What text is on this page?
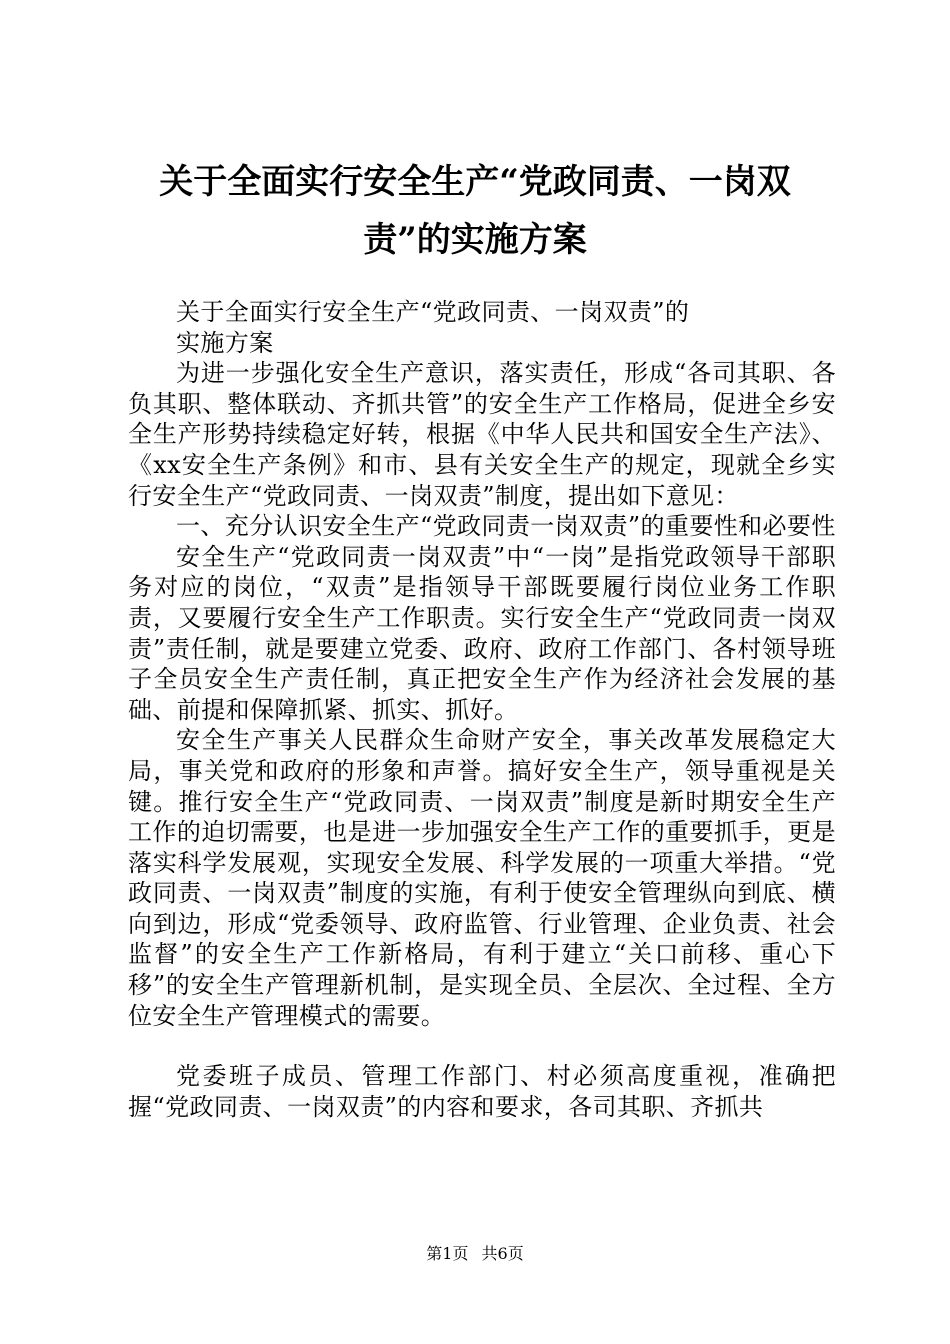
关于全面实行安全生产“党政同责、一岗双
责”的实施方案

关于全面实行安全生产“党政同责、一岗双责”的

实施方案

为进一步强化安全生产意识，落实责任，形成“各司其职、各负其职、整体联动、齐抓共管”的安全生产工作格局，促进全乡安全生产形势持续稳定好转，根据《中华人民共和国安全生产法》、《xx安全生产条例》和市、县有关安全生产的规定，现就全乡实行安全生产“党政同责、一岗双责”制度，提出如下意见：

一、充分认识安全生产“党政同责一岗双责”的重要性和必要性

安全生产“党政同责一岗双责”中“一岗”是指党政领导干部职务对应的岗位，“双责”是指领导干部既要履行岗位业务工作职责，又要履行安全生产工作职责。实行安全生产“党政同责一岗双责”责任制，就是要建立党委、政府、政府工作部门、各村领导班子全员安全生产责任制，真正把安全生产作为经济社会发展的基础、前提和保障抓紧、抓实、抓好。

安全生产事关人民群众生命财产安全，事关改革发展稳定大局，事关党和政府的形象和声誉。搞好安全生产，领导重视是关键。推行安全生产“党政同责、一岗双责”制度是新时期安全生产工作的迫切需要，也是进一步加强安全生产工作的重要抓手，更是落实科学发展观，实现安全发展、科学发展的一项重大举措。“党政同责、一岗双责”制度的实施，有利于使安全管理纵向到底、横向到边，形成“党委领导、政府监管、行业管理、企业负责、社会监督”的安全生产工作新格局，有利于建立“关口前移、重心下移”的安全生产管理新机制，是实现全员、全层次、全过程、全方位安全生产管理模式的需要。

党委班子成员、管理工作部门、村必须高度重视，准确把握“党政同责、一岗双责”的内容和要求，各司其职、齐抓共

第1页 共6页
